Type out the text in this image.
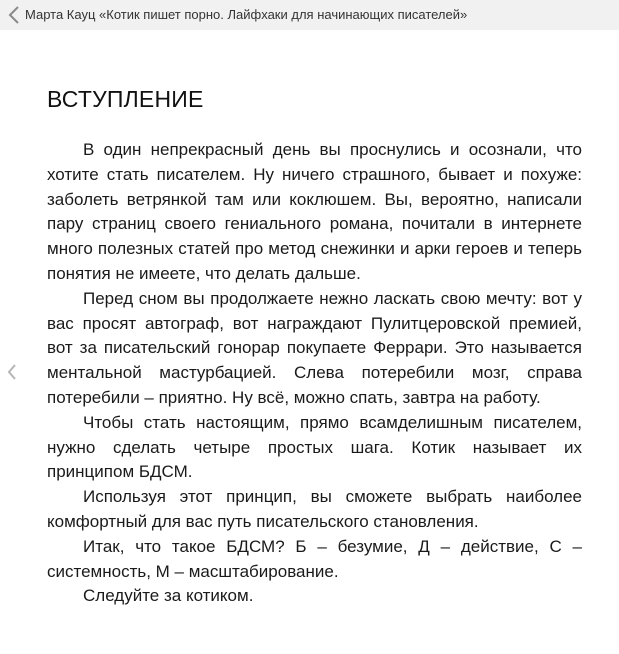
Марта Кауц «Котик пишет порно. Лайфхаки для начинающих писателей»
ВСТУПЛЕНИЕ

В один непрекрасный день вы проснулись и осознали, что хотите стать писателем. Ну ничего страшного, бывает и похуже: заболеть ветрянкой там или коклюшем. Вы, вероятно, написали пару страниц своего гениального романа, почитали в интернете много полезных статей про метод снежинки и арки героев и теперь понятия не имеете, что делать дальше.

Перед сном вы продолжаете нежно ласкать свою мечту: вот у вас просят автограф, вот награждают Пулитцеровской премией, вот за писательский гонорар покупаете Феррари. Это называется ментальной мастурбацией. Слева потеребили мозг, справа потеребили – приятно. Ну всё, можно спать, завтра на работу.

Чтобы стать настоящим, прямо всамделишным писателем, нужно сделать четыре простых шага. Котик называет их принципом БДСМ.

Используя этот принцип, вы сможете выбрать наиболее комфортный для вас путь писательского становления.

Итак, что такое БДСМ? Б – безумие, Д – действие, С – системность, М – масштабирование.

Следуйте за котиком.
